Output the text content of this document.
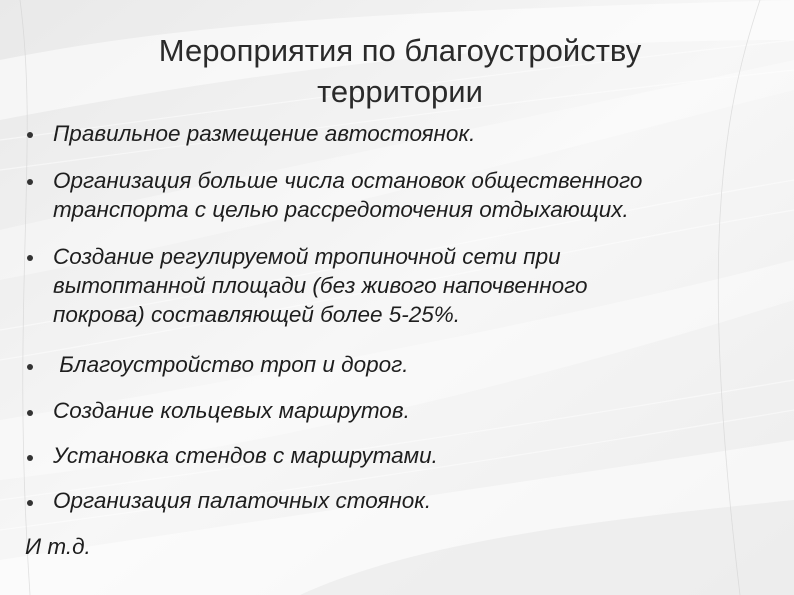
Мероприятия по благоустройству
территории
Правильное размещение автостоянок.
Организация больше числа остановок общественного
транспорта с целью рассредоточения отдыхающих.
Создание регулируемой тропиночной сети при
вытоптанной площади (без живого напочвенного
покрова) составляющей более 5-25%.
Благоустройство троп и дорог.
Создание кольцевых маршрутов.
Установка стендов с маршрутами.
Организация палаточных стоянок.
И т.д.
